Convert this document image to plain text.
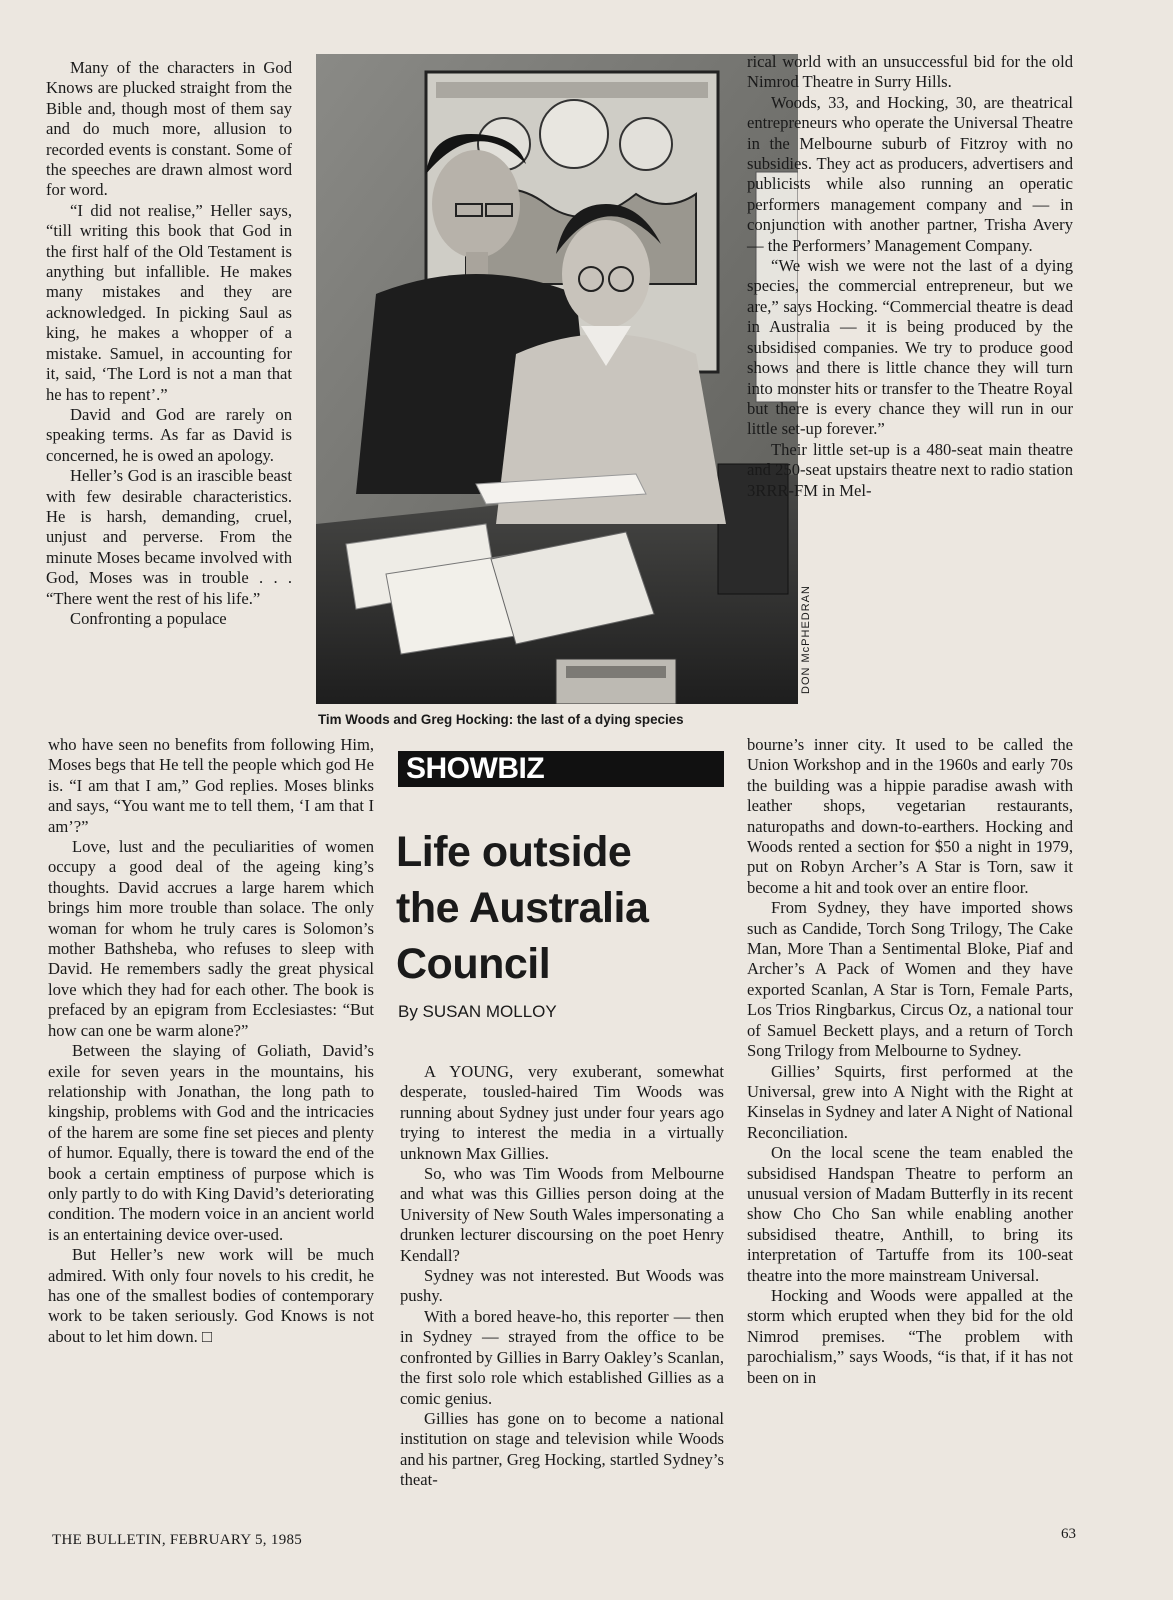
Many of the characters in God Knows are plucked straight from the Bible and, though most of them say and do much more, allusion to recorded events is constant. Some of the speeches are drawn almost word for word.

“I did not realise,” Heller says, “till writing this book that God in the first half of the Old Testament is anything but infallible. He makes many mistakes and they are acknowledged. In picking Saul as king, he makes a whopper of a mistake. Samuel, in accounting for it, said, ‘The Lord is not a man that he has to repent’.”

David and God are rarely on speaking terms. As far as David is concerned, he is owed an apology.

Heller’s God is an irascible beast with few desirable characteristics. He is harsh, demanding, cruel, unjust and perverse. From the minute Moses became involved with God, Moses was in trouble . . . “There went the rest of his life.”

Confronting a populace

who have seen no benefits from following Him, Moses begs that He tell the people which god He is. “I am that I am,” God replies. Moses blinks and says, “You want me to tell them, ‘I am that I am’?”

Love, lust and the peculiarities of women occupy a good deal of the ageing king’s thoughts. David accrues a large harem which brings him more trouble than solace. The only woman for whom he truly cares is Solomon’s mother Bathsheba, who refuses to sleep with David. He remembers sadly the great physical love which they had for each other. The book is prefaced by an epigram from Ecclesiastes: “But how can one be warm alone?”

Between the slaying of Goliath, David’s exile for seven years in the mountains, his relationship with Jonathan, the long path to kingship, problems with God and the intricacies of the harem are some fine set pieces and plenty of humor. Equally, there is toward the end of the book a certain emptiness of purpose which is only partly to do with King David’s deteriorating condition. The modern voice in an ancient world is an entertaining device over-used.

But Heller’s new work will be much admired. With only four novels to his credit, he has one of the smallest bodies of contemporary work to be taken seriously. God Knows is not about to let him down. □

DON McPHEDRAN
Tim Woods and Greg Hocking: the last of a dying species
SHOWBIZ
Life outside
the Australia
Council
By SUSAN MOLLOY

A YOUNG, very exuberant, somewhat desperate, tousled-haired Tim Woods was running about Sydney just under four years ago trying to interest the media in a virtually unknown Max Gillies.

So, who was Tim Woods from Melbourne and what was this Gillies person doing at the University of New South Wales impersonating a drunken lecturer discoursing on the poet Henry Kendall?

Sydney was not interested. But Woods was pushy.

With a bored heave-ho, this reporter — then in Sydney — strayed from the office to be confronted by Gillies in Barry Oakley’s Scanlan, the first solo role which established Gillies as a comic genius.

Gillies has gone on to become a national institution on stage and television while Woods and his partner, Greg Hocking, startled Sydney’s theat-

rical world with an unsuccessful bid for the old Nimrod Theatre in Surry Hills.

Woods, 33, and Hocking, 30, are theatrical entrepreneurs who operate the Universal Theatre in the Melbourne suburb of Fitzroy with no subsidies. They act as producers, advertisers and publicists while also running an operatic performers management company and — in conjunction with another partner, Trisha Avery — the Performers’ Management Company.

“We wish we were not the last of a dying species, the commercial entrepreneur, but we are,” says Hocking. “Commercial theatre is dead in Australia — it is being produced by the subsidised companies. We try to produce good shows and there is little chance they will turn into monster hits or transfer to the Theatre Royal but there is every chance they will run in our little set-up forever.”

Their little set-up is a 480-seat main theatre and 250-seat upstairs theatre next to radio station 3RRR-FM in Mel-

bourne’s inner city. It used to be called the Union Workshop and in the 1960s and early 70s the building was a hippie paradise awash with leather shops, vegetarian restaurants, naturopaths and down-to-earthers. Hocking and Woods rented a section for $50 a night in 1979, put on Robyn Archer’s A Star is Torn, saw it become a hit and took over an entire floor.

From Sydney, they have imported shows such as Candide, Torch Song Trilogy, The Cake Man, More Than a Sentimental Bloke, Piaf and Archer’s A Pack of Women and they have exported Scanlan, A Star is Torn, Female Parts, Los Trios Ringbarkus, Circus Oz, a national tour of Samuel Beckett plays, and a return of Torch Song Trilogy from Melbourne to Sydney.

Gillies’ Squirts, first performed at the Universal, grew into A Night with the Right at Kinselas in Sydney and later A Night of National Reconciliation.

On the local scene the team enabled the subsidised Handspan Theatre to perform an unusual version of Madam Butterfly in its recent show Cho Cho San while enabling another subsidised theatre, Anthill, to bring its interpretation of Tartuffe from its 100-seat theatre into the more mainstream Universal.

Hocking and Woods were appalled at the storm which erupted when they bid for the old Nimrod premises. “The problem with parochialism,” says Woods, “is that, if it has not been on in

THE BULLETIN, FEBRUARY 5, 1985	63
